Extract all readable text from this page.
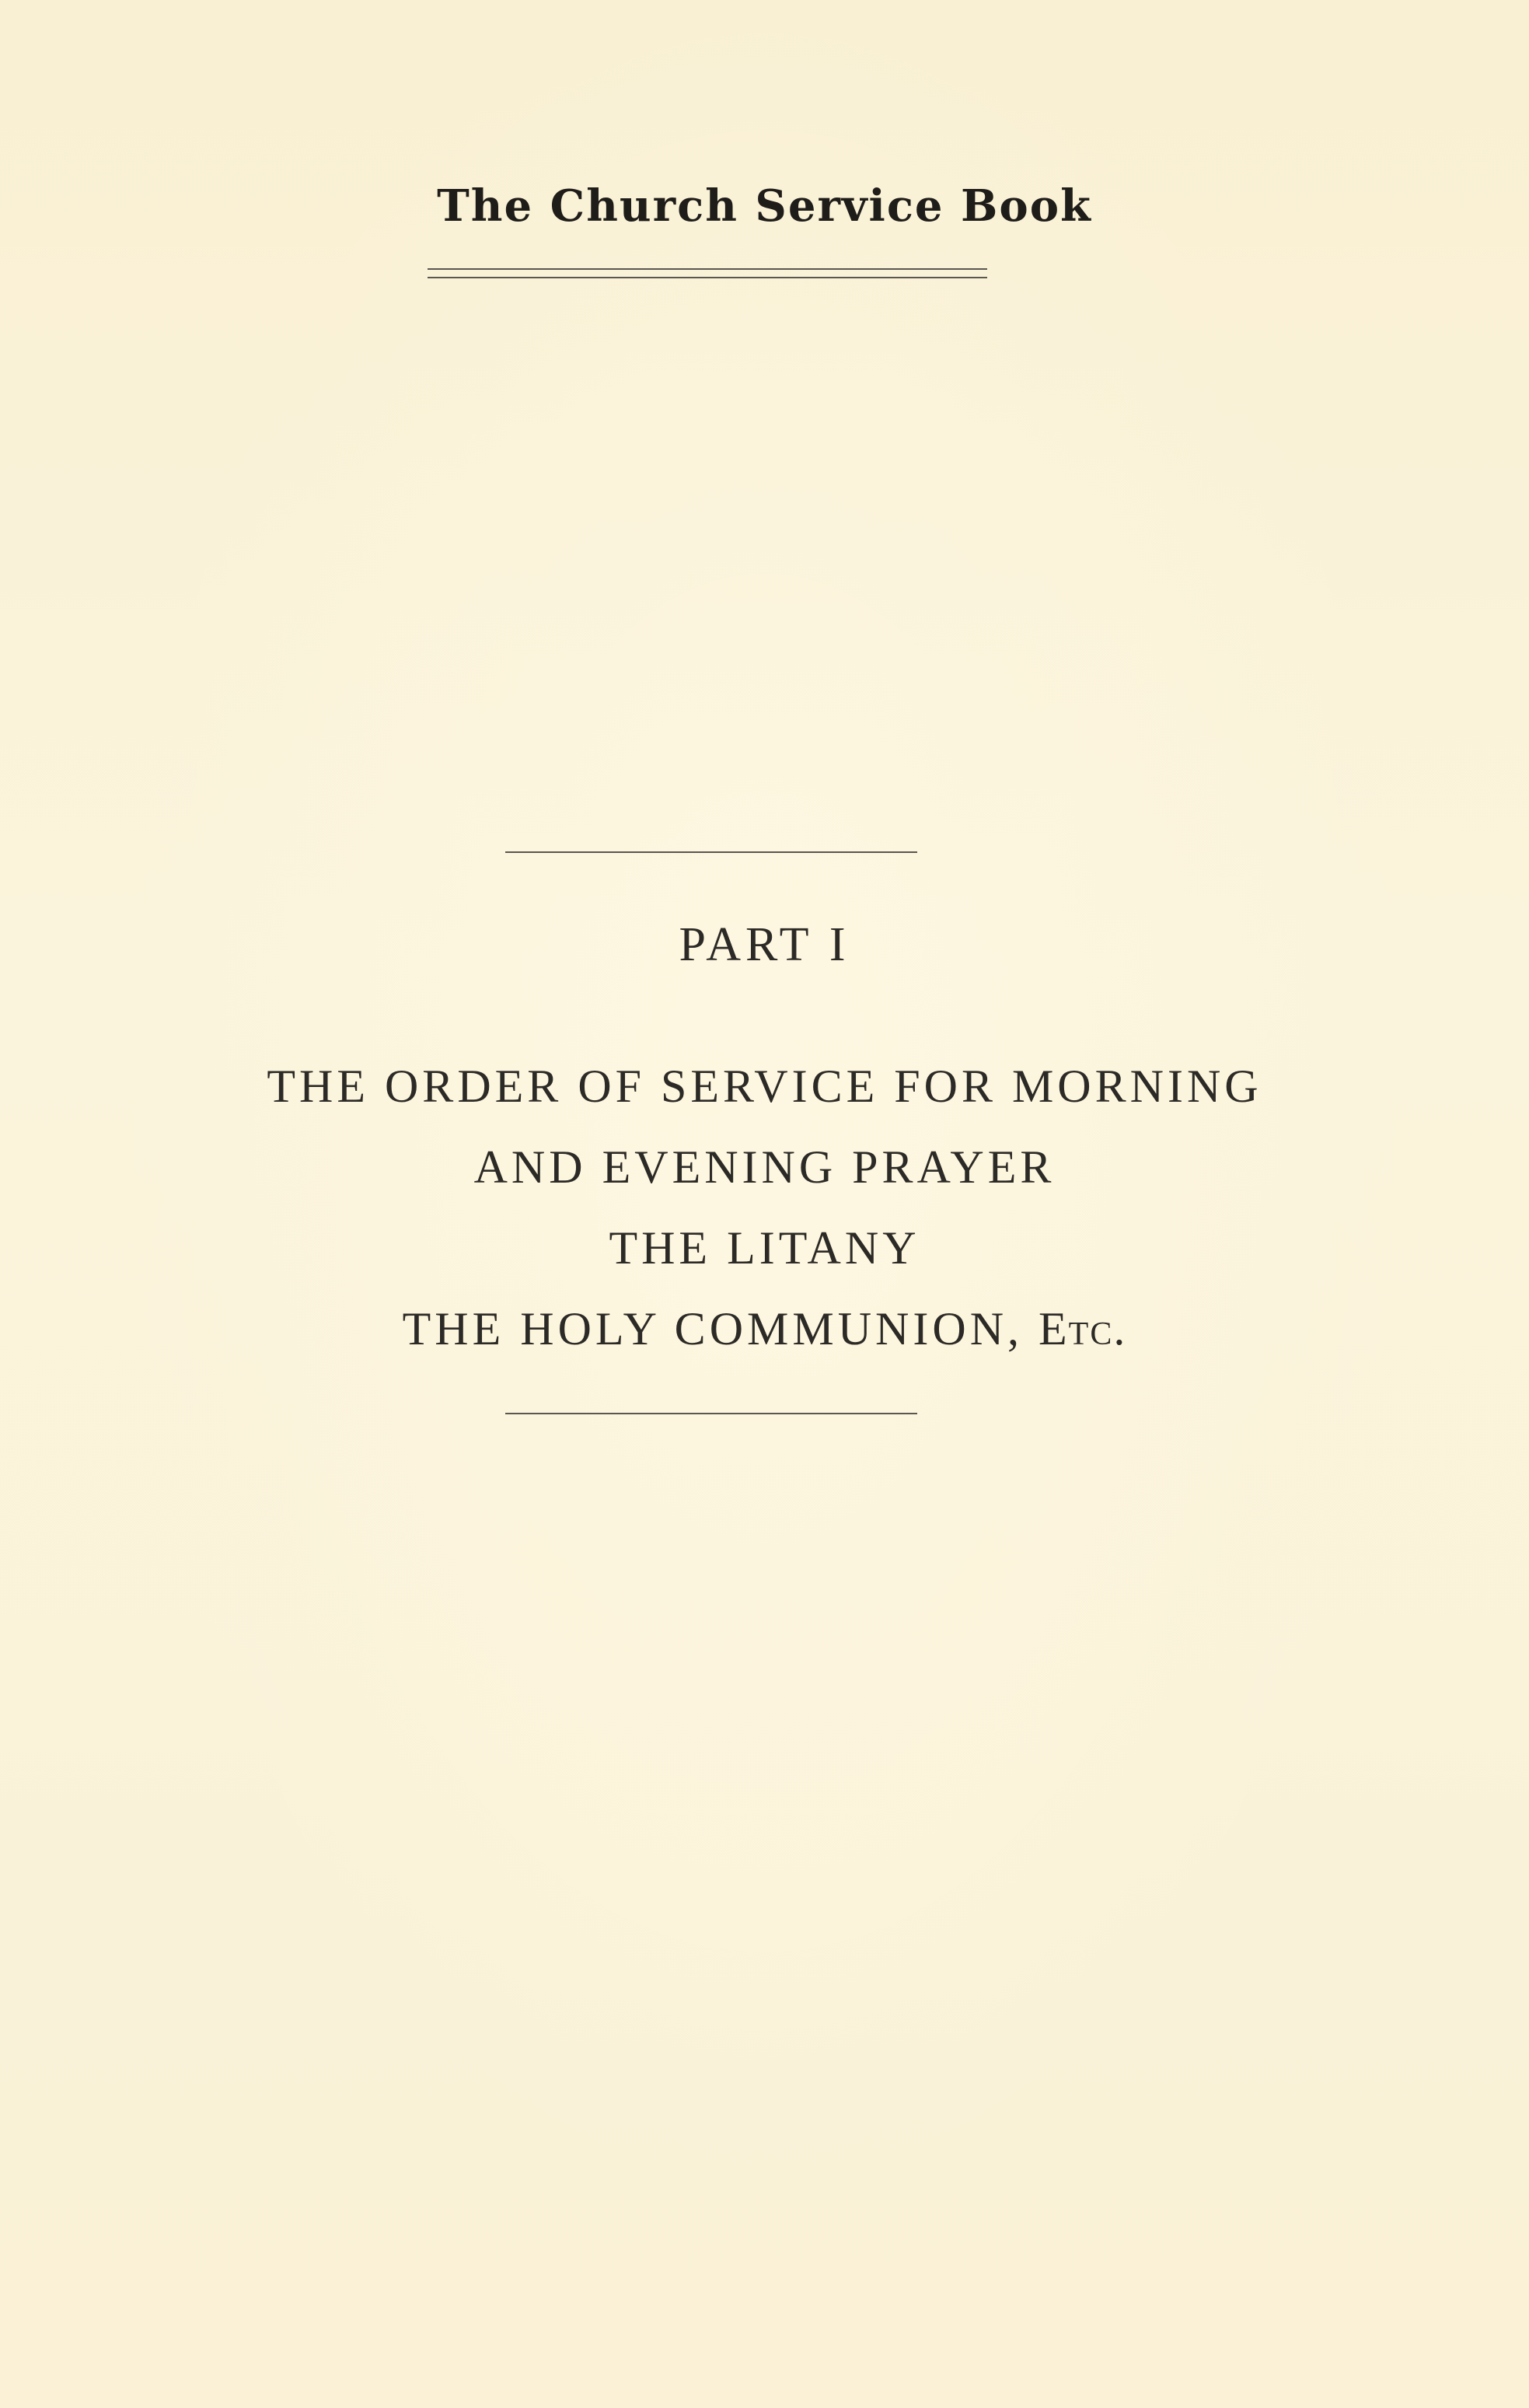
The Church Service Book
PART I
THE ORDER OF SERVICE FOR MORNING
AND EVENING PRAYER
THE LITANY
THE HOLY COMMUNION, Etc.
